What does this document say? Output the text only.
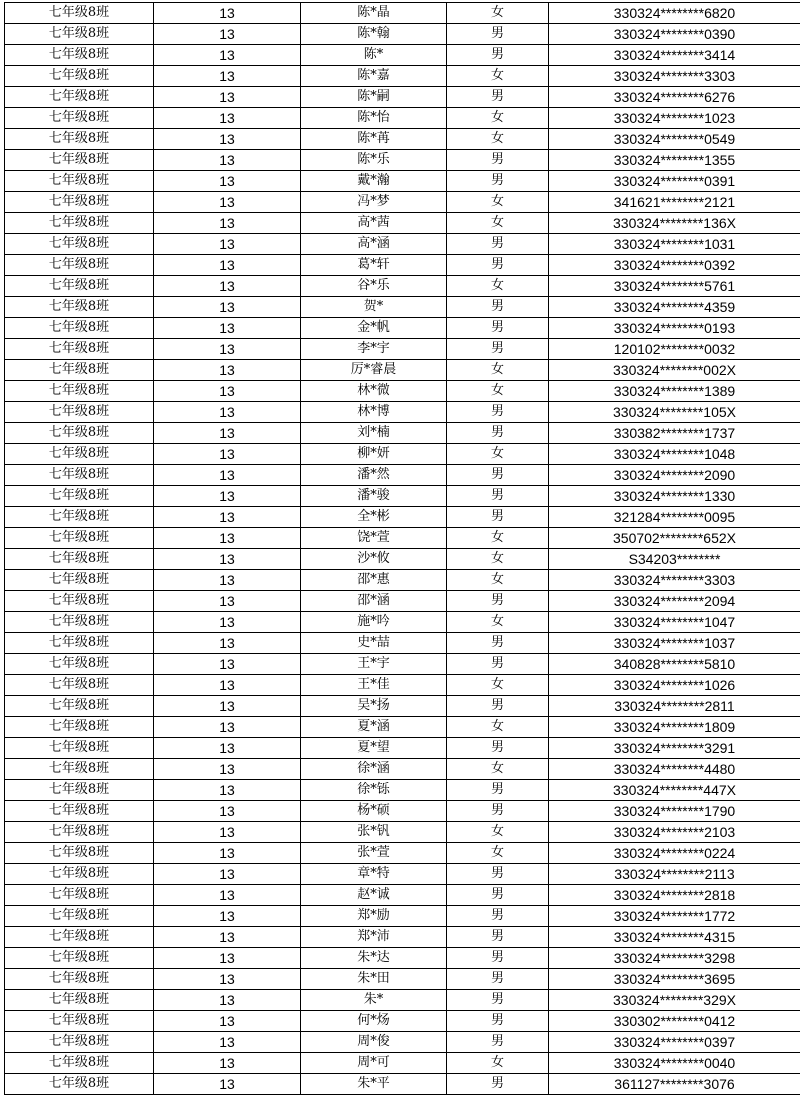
七年级8班	13	陈*晶	女	330324********6820
七年级8班	13	陈*翰	男	330324********0390
七年级8班	13	陈*	男	330324********3414
七年级8班	13	陈*嘉	女	330324********3303
七年级8班	13	陈*嗣	男	330324********6276
七年级8班	13	陈*怡	女	330324********1023
七年级8班	13	陈*苒	女	330324********0549
七年级8班	13	陈*乐	男	330324********1355
七年级8班	13	戴*瀚	男	330324********0391
七年级8班	13	冯*梦	女	341621********2121
七年级8班	13	高*茜	女	330324********136X
七年级8班	13	高*涵	男	330324********1031
七年级8班	13	葛*轩	男	330324********0392
七年级8班	13	谷*乐	女	330324********5761
七年级8班	13	贺*	男	330324********4359
七年级8班	13	金*帆	男	330324********0193
七年级8班	13	李*宇	男	120102********0032
七年级8班	13	厉*睿晨	女	330324********002X
七年级8班	13	林*微	女	330324********1389
七年级8班	13	林*博	男	330324********105X
七年级8班	13	刘*楠	男	330382********1737
七年级8班	13	柳*妍	女	330324********1048
七年级8班	13	潘*然	男	330324********2090
七年级8班	13	潘*骏	男	330324********1330
七年级8班	13	全*彬	男	321284********0095
七年级8班	13	饶*萱	女	350702********652X
七年级8班	13	沙*攸	女	S34203********
七年级8班	13	邵*惠	女	330324********3303
七年级8班	13	邵*涵	男	330324********2094
七年级8班	13	施*吟	女	330324********1047
七年级8班	13	史*喆	男	330324********1037
七年级8班	13	王*宇	男	340828********5810
七年级8班	13	王*佳	女	330324********1026
七年级8班	13	吴*扬	男	330324********2811
七年级8班	13	夏*涵	女	330324********1809
七年级8班	13	夏*望	男	330324********3291
七年级8班	13	徐*涵	女	330324********4480
七年级8班	13	徐*铄	男	330324********447X
七年级8班	13	杨*硕	男	330324********1790
七年级8班	13	张*钒	女	330324********2103
七年级8班	13	张*萱	女	330324********0224
七年级8班	13	章*特	男	330324********2113
七年级8班	13	赵*诚	男	330324********2818
七年级8班	13	郑*励	男	330324********1772
七年级8班	13	郑*沛	男	330324********4315
七年级8班	13	朱*达	男	330324********3298
七年级8班	13	朱*田	男	330324********3695
七年级8班	13	朱*	男	330324********329X
七年级8班	13	何*炀	男	330302********0412
七年级8班	13	周*俊	男	330324********0397
七年级8班	13	周*可	女	330324********0040
七年级8班	13	朱*平	男	361127********3076
